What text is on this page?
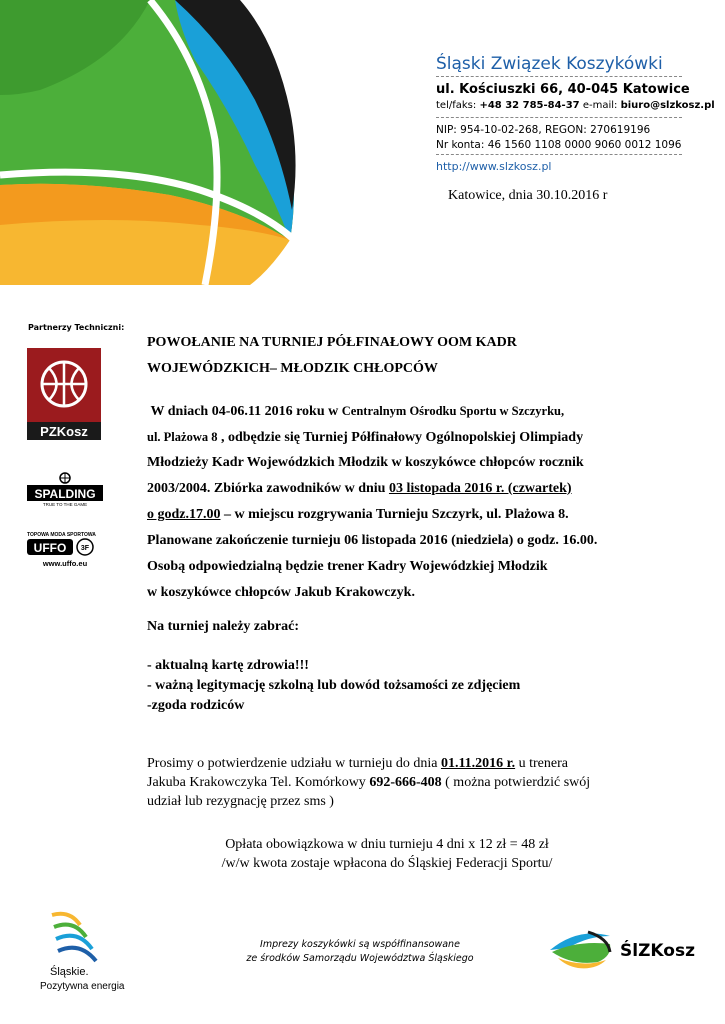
Śląski Związek Koszykówki
ul. Kościuszki 66, 40-045 Katowice
tel/faks: +48 32 785-84-37 e-mail: biuro@slzkosz.pl
NIP: 954-10-02-268, REGON: 270619196
Nr konta: 46 1560 1108 0000 9060 0012 1096
http://www.slzkosz.pl
Katowice, dnia 30.10.2016 r
Partnerzy Techniczni:
PZKosz
SPALDING
TRUE TO THE GAME
TOPOWA MODA SPORTOWA
UFFO 3F
www.uffo.eu
POWOŁANIE NA TURNIEJ PÓŁFINAŁOWY OOM KADR
WOJEWÓDZKICH– MŁODZIK CHŁOPCÓW
W dniach 04-06.11 2016 roku w Centralnym Ośrodku Sportu w Szczyrku,
ul. Plażowa 8 , odbędzie się Turniej Półfinałowy Ogólnopolskiej Olimpiady
Młodzieży Kadr Wojewódzkich Młodzik w koszykówce chłopców rocznik
2003/2004. Zbiórka zawodników w dniu 03 listopada 2016 r. (czwartek)
o godz.17.00 – w miejscu rozgrywania Turnieju Szczyrk, ul. Plażowa 8.
Planowane zakończenie turnieju 06 listopada 2016 (niedziela) o godz. 16.00.
Osobą odpowiedzialną będzie trener Kadry Wojewódzkiej Młodzik
w koszykówce chłopców Jakub Krakowczyk.
Na turniej należy zabrać:
- aktualną kartę zdrowia!!!
- ważną legitymację szkolną lub dowód tożsamości ze zdjęciem
-zgoda rodziców
Prosimy o potwierdzenie udziału w turnieju do dnia 01.11.2016 r. u trenera
Jakuba Krakowczyka Tel. Komórkowy 692-666-408 ( można potwierdzić swój
udział lub rezygnację przez sms )
Opłata obowiązkowa w dniu turnieju 4 dni x 12 zł = 48 zł
/w/w kwota zostaje wpłacona do Śląskiej Federacji Sportu/
Śląskie.
Pozytywna energia
Imprezy koszykówki są współfinansowane
ze środków Samorządu Województwa Śląskiego	ŚlZKosz
